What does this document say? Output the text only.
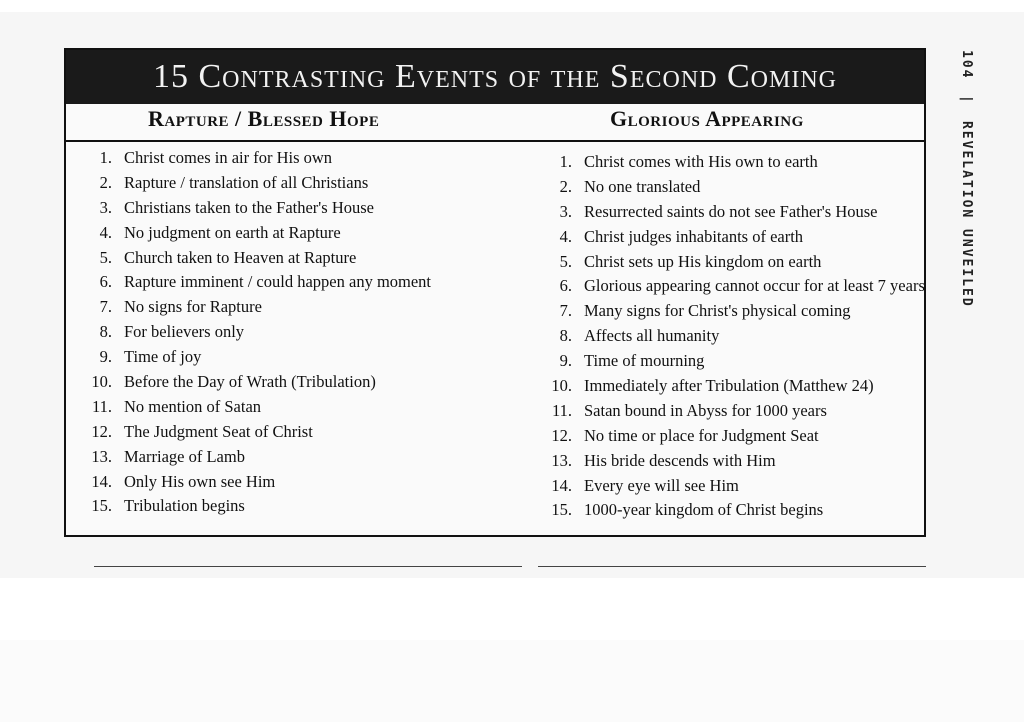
15 Contrasting Events of the Second Coming
Rapture / Blessed Hope	Glorious Appearing
1. Christ comes in air for His own
2. Rapture / translation of all Christians
3. Christians taken to the Father's House
4. No judgment on earth at Rapture
5. Church taken to Heaven at Rapture
6. Rapture imminent / could happen any moment
7. No signs for Rapture
8. For believers only
9. Time of joy
10. Before the Day of Wrath (Tribulation)
11. No mention of Satan
12. The Judgment Seat of Christ
13. Marriage of Lamb
14. Only His own see Him
15. Tribulation begins
1. Christ comes with His own to earth
2. No one translated
3. Resurrected saints do not see Father's House
4. Christ judges inhabitants of earth
5. Christ sets up His kingdom on earth
6. Glorious appearing cannot occur for at least 7 years
7. Many signs for Christ's physical coming
8. Affects all humanity
9. Time of mourning
10. Immediately after Tribulation (Matthew 24)
11. Satan bound in Abyss for 1000 years
12. No time or place for Judgment Seat
13. His bride descends with Him
14. Every eye will see Him
15. 1000-year kingdom of Christ begins
104 | REVELATION UNVEILED
